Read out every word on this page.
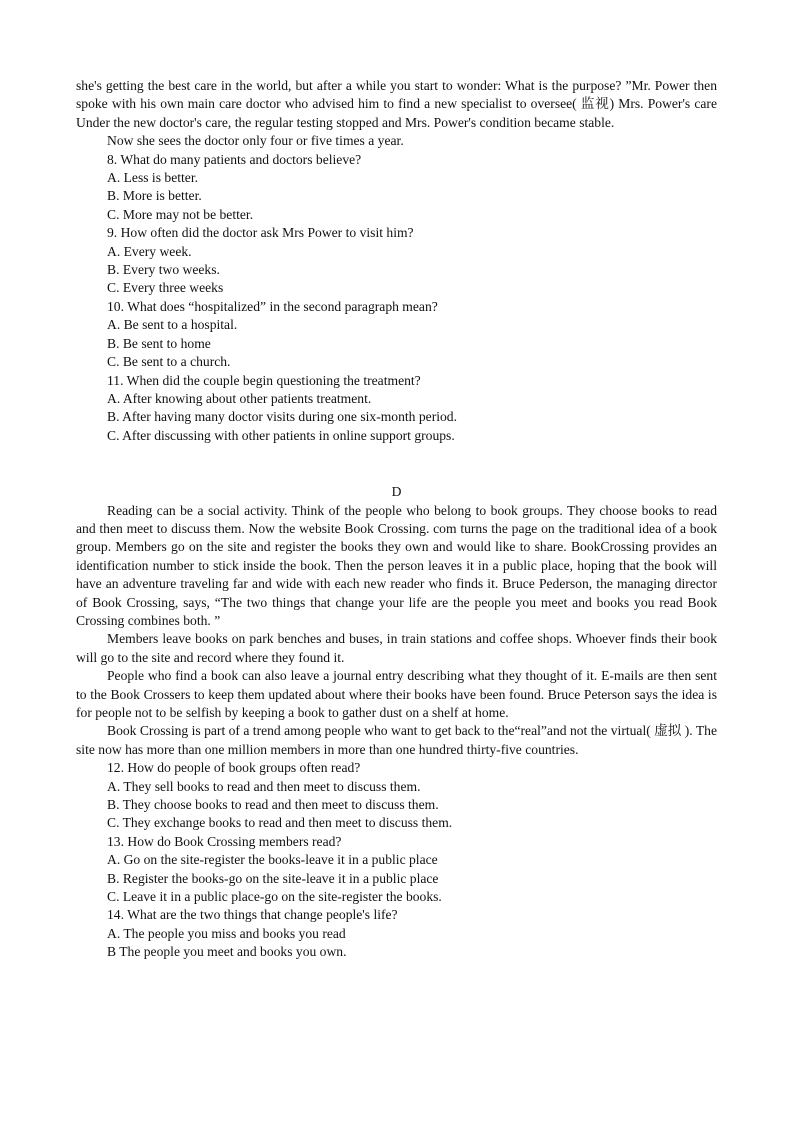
she's getting the best care in the world, but after a while you start to wonder: What is the purpose? ”Mr. Power then spoke with his own main care doctor who advised him to find a new specialist to oversee( 监视) Mrs. Power's care Under the new doctor's care, the regular testing stopped and Mrs. Power's condition became stable.

Now she sees the doctor only four or five times a year.

8. What do many patients and doctors believe?

A. Less is better.

B. More is better.

C. More may not be better.

9. How often did the doctor ask Mrs Power to visit him?

A. Every week.

B. Every two weeks.

C. Every three weeks

10. What does “hospitalized” in the second paragraph mean?

A. Be sent to a hospital.

B. Be sent to home

C. Be sent to a church.

11. When did the couple begin questioning the treatment?

A. After knowing about other patients treatment.

B. After having many doctor visits during one six-month period.

C. After discussing with other patients in online support groups.

D

Reading can be a social activity. Think of the people who belong to book groups. They choose books to read and then meet to discuss them. Now the website Book Crossing. com turns the page on the traditional idea of a book group. Members go on the site and register the books they own and would like to share. BookCrossing provides an identification number to stick inside the book. Then the person leaves it in a public place, hoping that the book will have an adventure traveling far and wide with each new reader who finds it. Bruce Pederson, the managing director of Book Crossing, says, “The two things that change your life are the people you meet and books you read Book Crossing combines both. ”

Members leave books on park benches and buses, in train stations and coffee shops. Whoever finds their book will go to the site and record where they found it.

People who find a book can also leave a journal entry describing what they thought of it. E-mails are then sent to the Book Crossers to keep them updated about where their books have been found. Bruce Peterson says the idea is for people not to be selfish by keeping a book to gather dust on a shelf at home.

Book Crossing is part of a trend among people who want to get back to the“real”and not the virtual( 虚拟 ). The site now has more than one million members in more than one hundred thirty-five countries.

12. How do people of book groups often read?

A. They sell books to read and then meet to discuss them.

B. They choose books to read and then meet to discuss them.

C. They exchange books to read and then meet to discuss them.

13. How do Book Crossing members read?

A. Go on the site-register the books-leave it in a public place

B. Register the books-go on the site-leave it in a public place

C. Leave it in a public place-go on the site-register the books.

14. What are the two things that change people's life?

A. The people you miss and books you read

B The people you meet and books you own.
